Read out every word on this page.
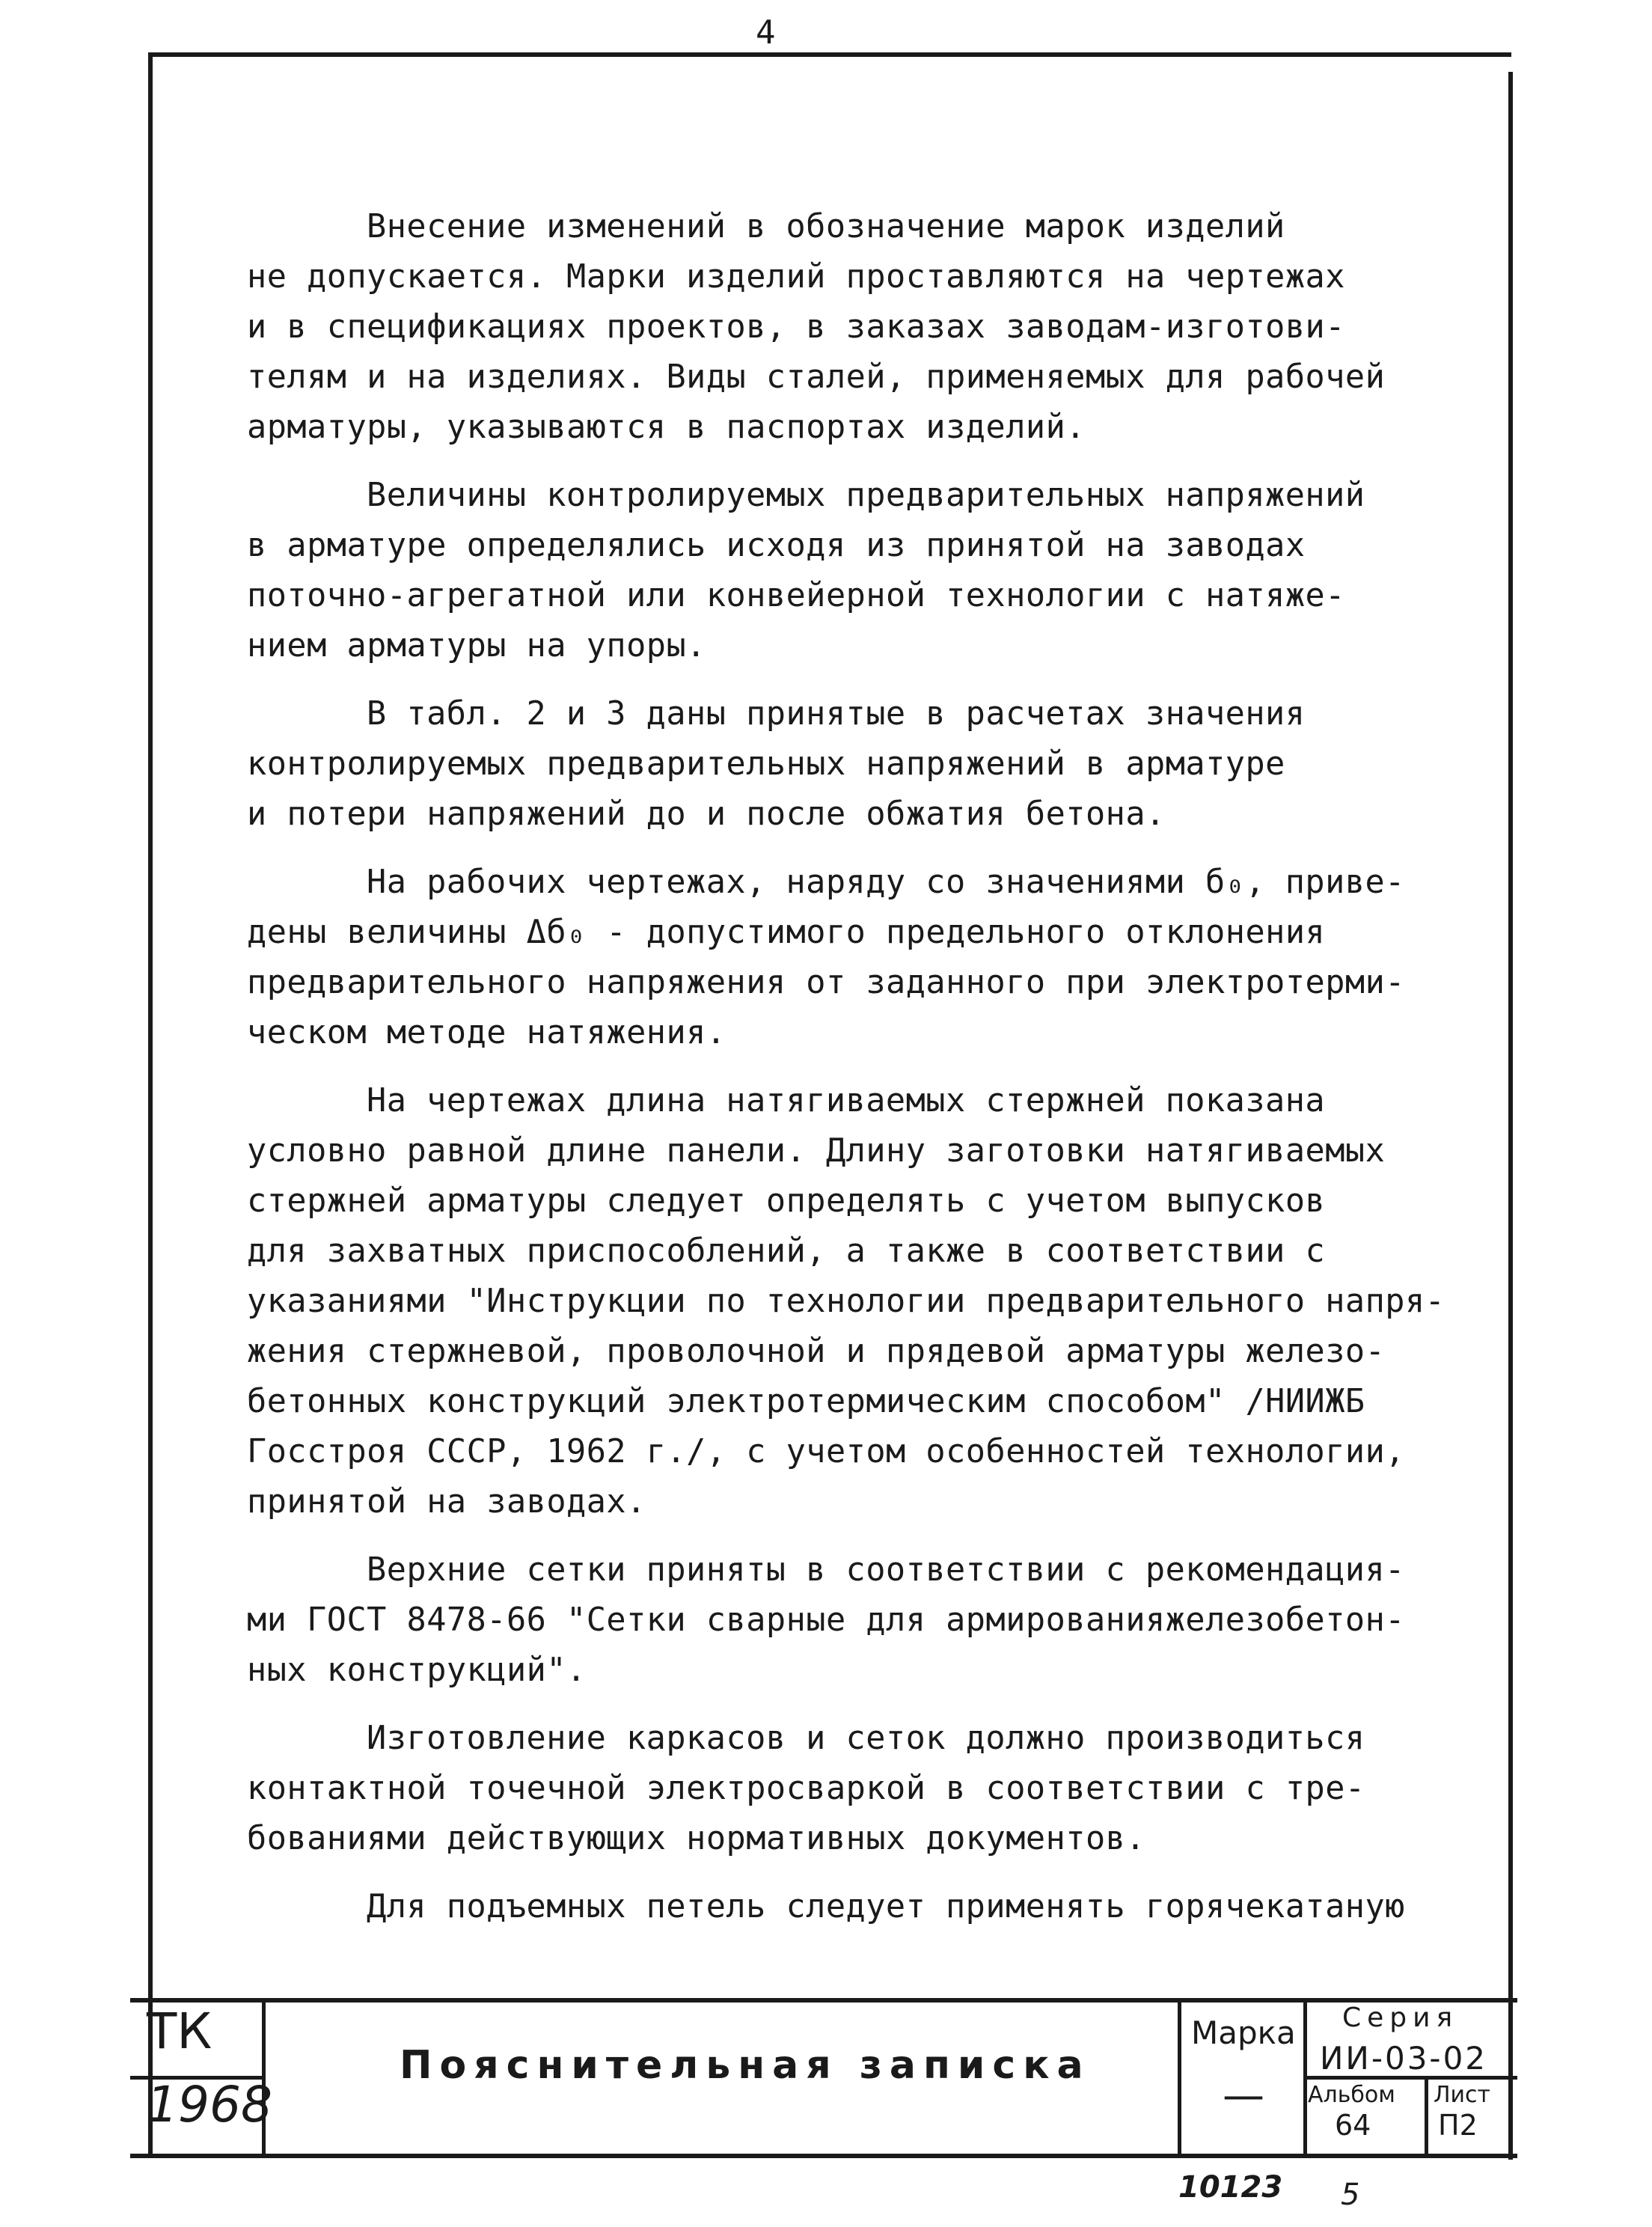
4
Внесение изменений в обозначение марок изделий
не допускается. Марки изделий проставляются на чертежах
и в спецификациях проектов, в заказах заводам-изготови-
телям и на изделиях. Виды сталей, применяемых для рабочей
арматуры, указываются в паспортах изделий.
Величины контролируемых предварительных напряжений
в арматуре определялись исходя из принятой на заводах
поточно-агрегатной или конвейерной технологии с натяже-
нием арматуры на упоры.
В табл. 2 и 3 даны принятые в расчетах значения
контролируемых предварительных напряжений в арматуре
и потери напряжений до и после обжатия бетона.
На рабочих чертежах, наряду со значениями б₀, приве-
дены величины Δб₀ - допустимого предельного отклонения
предварительного напряжения от заданного при электротерми-
ческом методе натяжения.
На чертежах длина натягиваемых стержней показана
условно равной длине панели. Длину заготовки натягиваемых
стержней арматуры следует определять с учетом выпусков
для захватных приспособлений, а также в соответствии с
указаниями "Инструкции по технологии предварительного напря-
жения стержневой, проволочной и прядевой арматуры железо-
бетонных конструкций электротермическим способом" /НИИЖБ
Госстроя СССР, 1962 г./, с учетом особенностей технологии,
принятой на заводах.
Верхние сетки приняты в соответствии с рекомендация-
ми ГОСТ 8478-66 "Сетки сварные для армированияжелезобетон-
ных конструкций".
Изготовление каркасов и сеток должно производиться
контактной точечной электросваркой в соответствии с тре-
бованиями действующих нормативных документов.
Для подъемных петель следует применять горячекатаную
ТК
1968
Пояснительная записка
Марка
—
Серия
ИИ-03-02
Альбом
64
Лист
П2
10123 5
